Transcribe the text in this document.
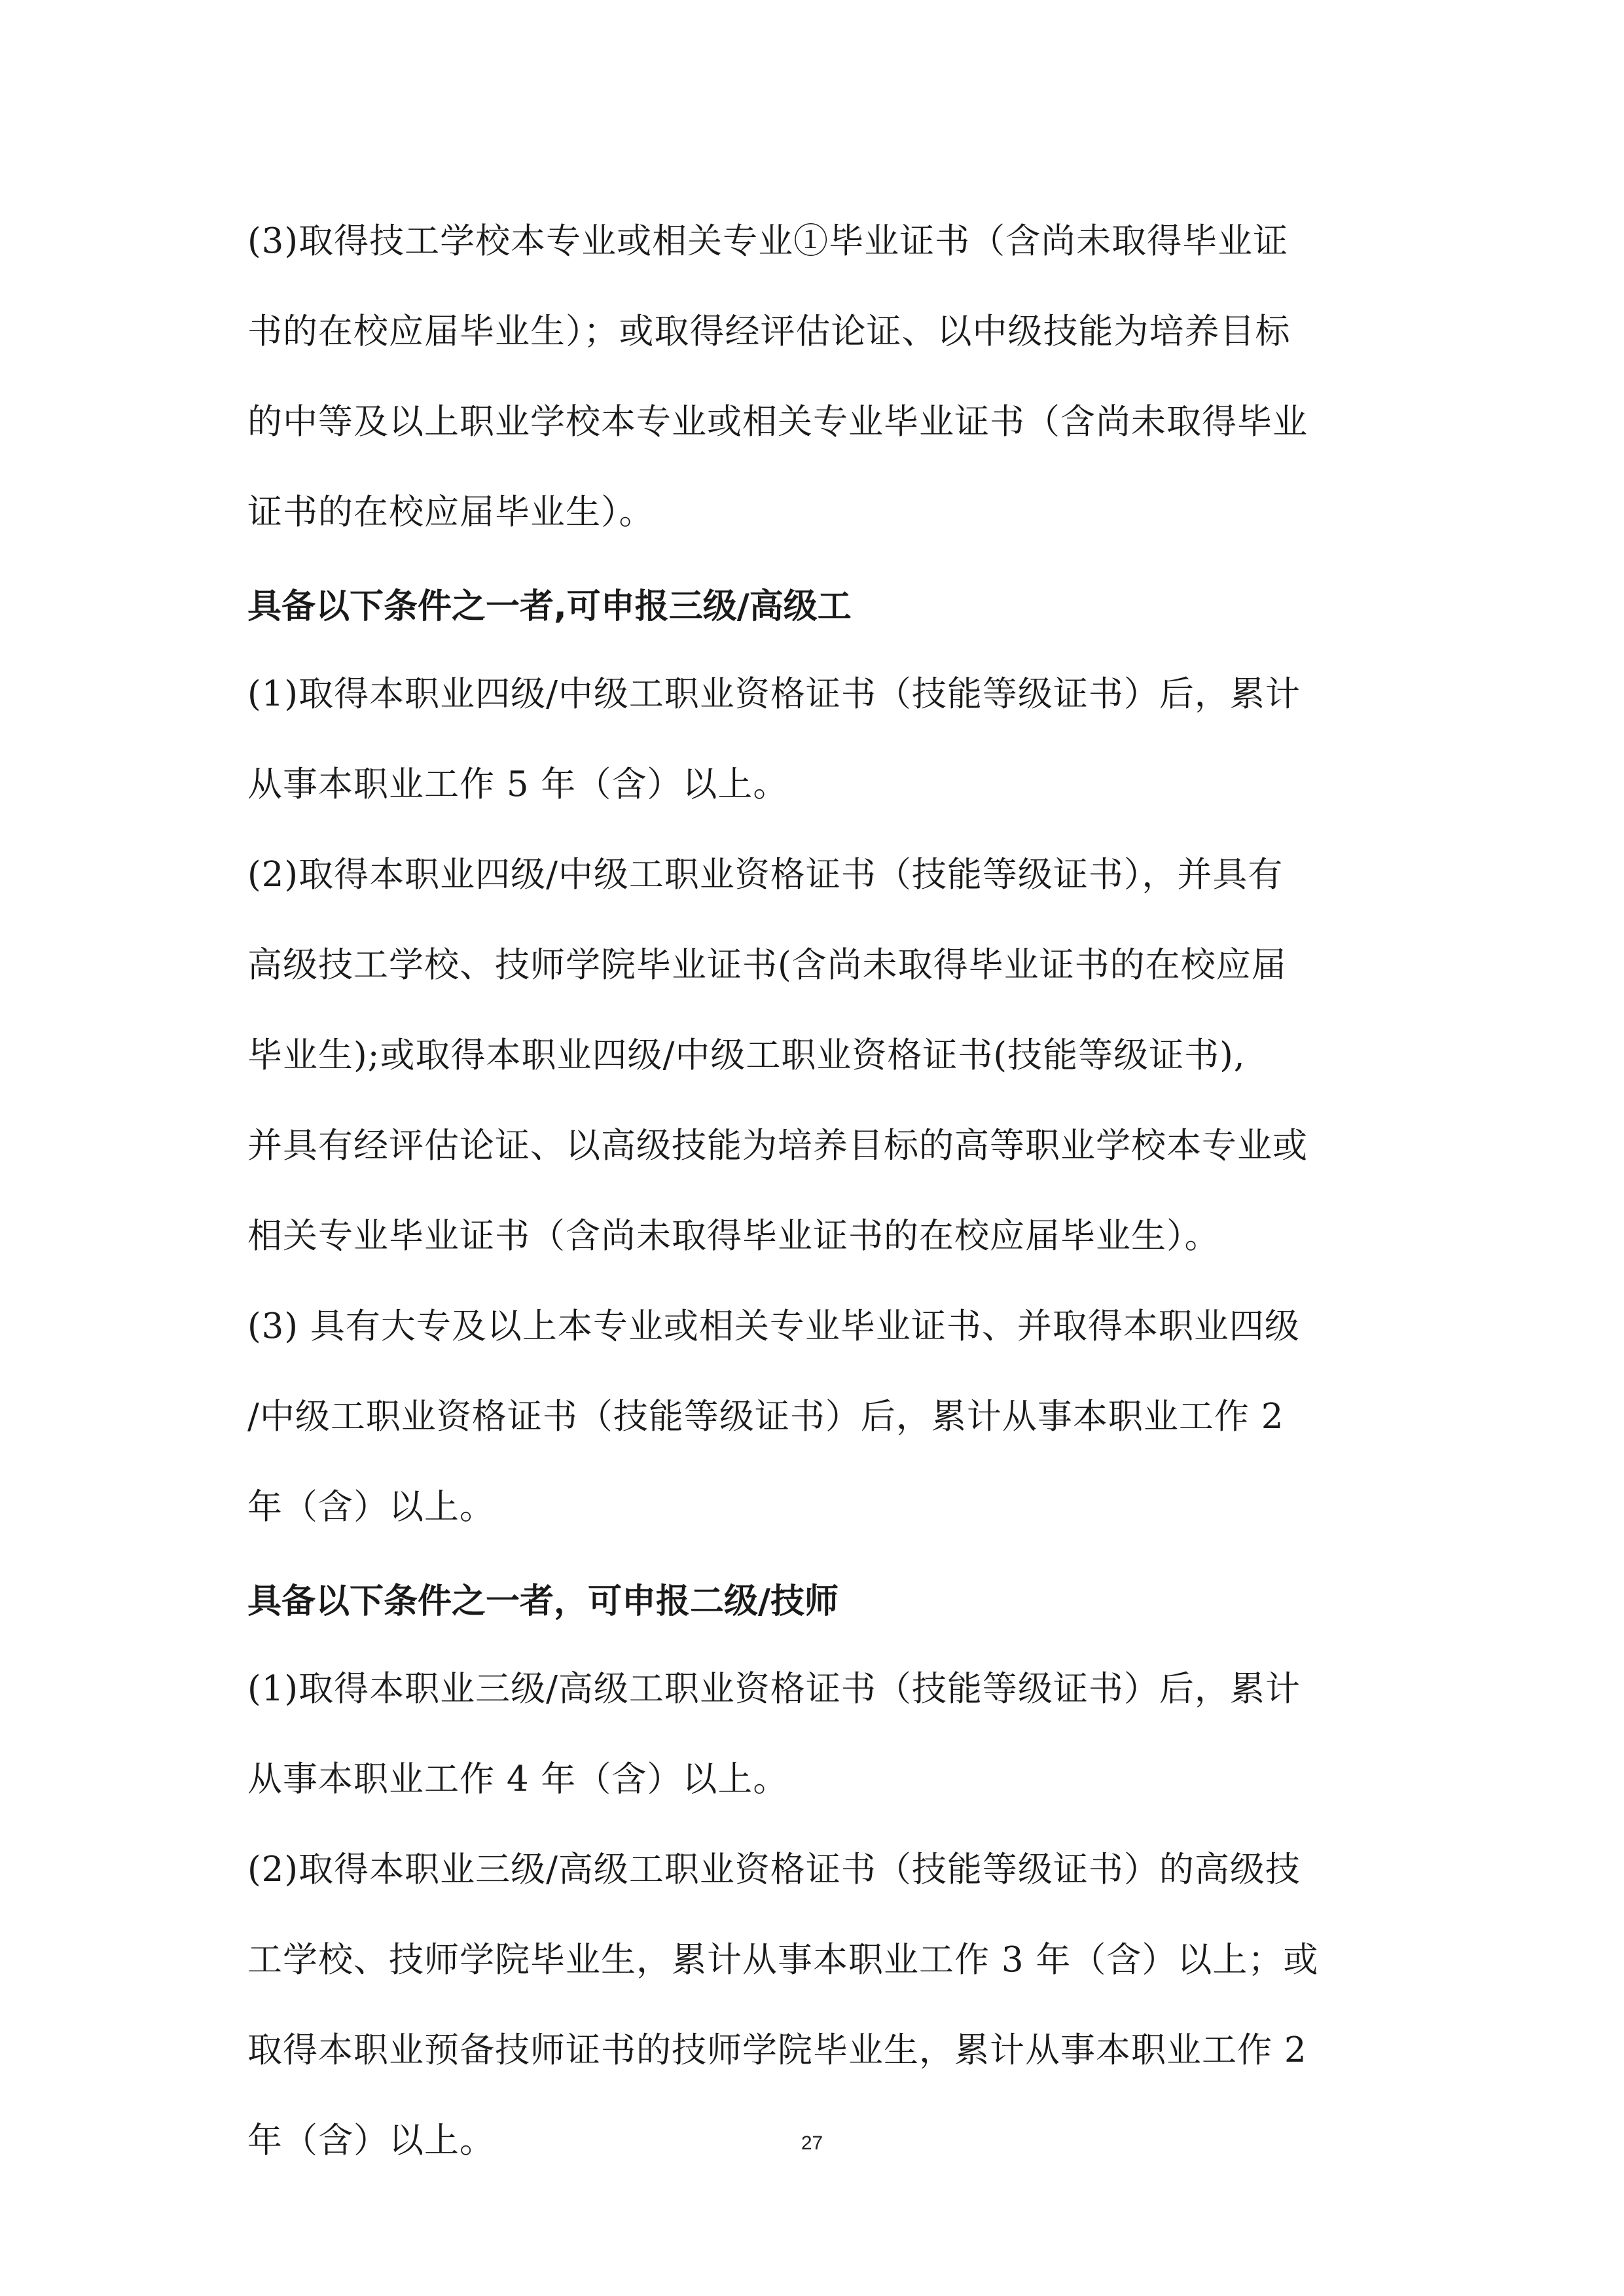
(3)取得技工学校本专业或相关专业①毕业证书（含尚未取得毕业证
书的在校应届毕业生）；或取得经评估论证、以中级技能为培养目标
的中等及以上职业学校本专业或相关专业毕业证书（含尚未取得毕业
证书的在校应届毕业生）。
具备以下条件之一者,可申报三级/高级工
(1)取得本职业四级/中级工职业资格证书（技能等级证书）后，累计
从事本职业工作 5 年（含）以上。
(2)取得本职业四级/中级工职业资格证书（技能等级证书），并具有
高级技工学校、技师学院毕业证书(含尚未取得毕业证书的在校应届
毕业生);或取得本职业四级/中级工职业资格证书(技能等级证书),
并具有经评估论证、以高级技能为培养目标的高等职业学校本专业或
相关专业毕业证书（含尚未取得毕业证书的在校应届毕业生）。
(3) 具有大专及以上本专业或相关专业毕业证书、并取得本职业四级
/中级工职业资格证书（技能等级证书）后，累计从事本职业工作 2
年（含）以上。
具备以下条件之一者，可申报二级/技师
(1)取得本职业三级/高级工职业资格证书（技能等级证书）后，累计
从事本职业工作 4 年（含）以上。
(2)取得本职业三级/高级工职业资格证书（技能等级证书）的高级技
工学校、技师学院毕业生，累计从事本职业工作 3 年（含）以上；或
取得本职业预备技师证书的技师学院毕业生，累计从事本职业工作 2
年（含）以上。	27
